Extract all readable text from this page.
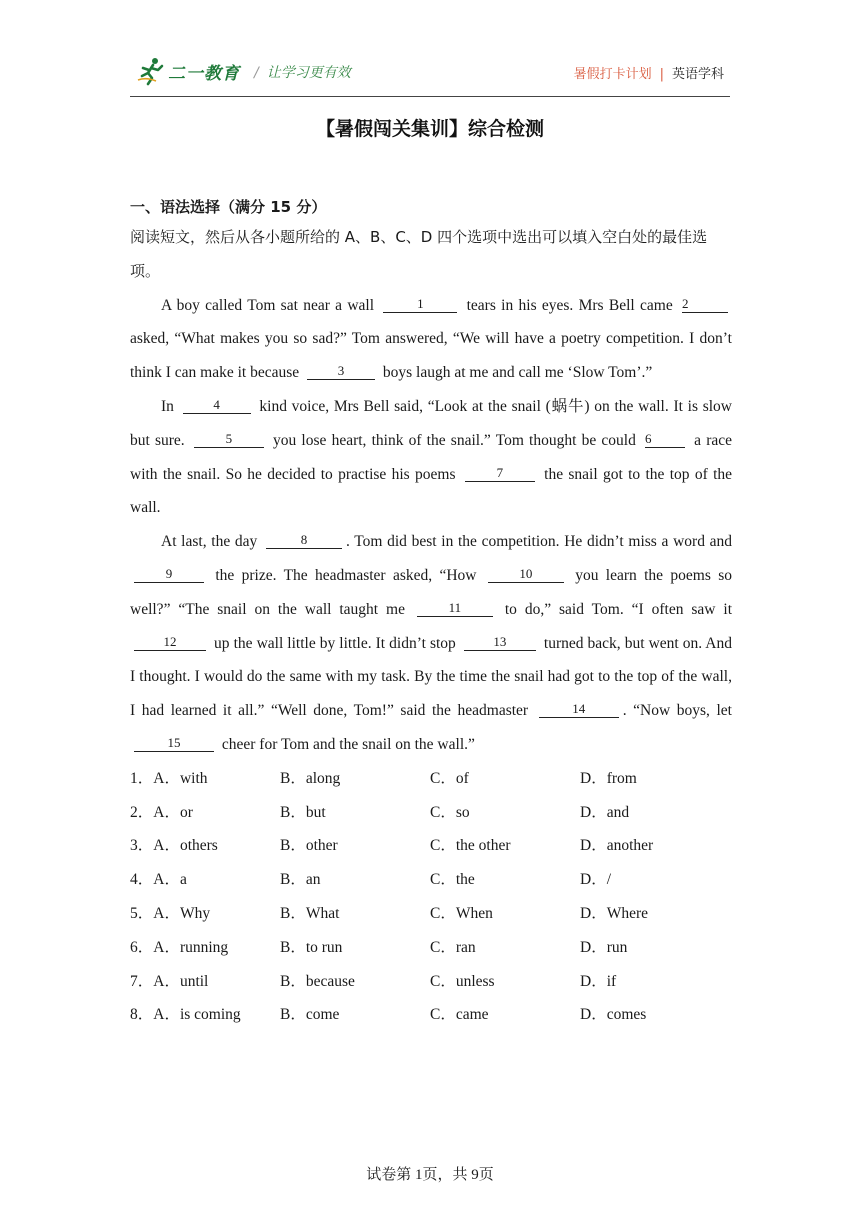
二一教育 / 让学习更有效	暑假打卡计划 | 英语学科
【暑假闯关集训】综合检测
一、语法选择（满分 15 分）
阅读短文，然后从各小题所给的 A、B、C、D 四个选项中选出可以填入空白处的最佳选项。

A boy called Tom sat near a wall	1	tears in his eyes. Mrs Bell came 2 asked, “What makes you so sad?” Tom answered, “We will have a poetry competition. I don’t think I can make it because	3 boys laugh at me and call me ‘Slow Tom’.”

In	4	kind voice, Mrs Bell said, “Look at the snail (蜗牛) on the wall. It is slow but sure.	5	you lose heart, think of the snail.” Tom thought be could 6	a race with the snail. So he decided to practise his poems	7	the snail got to the top of the wall.

At last, the day	8	. Tom did best in the competition. He didn’t miss a word and 9	the prize. The headmaster asked, “How	10	you learn the poems so well?” “The snail on the wall taught me	11	to do,” said Tom. “I often saw it 12 up the wall little by little. It didn’t stop	13 turned back, but went on. And I thought. I would do the same with my task. By the time the snail had got to the top of the wall, I had learned it all.” “Well done, Tom!” said the headmaster	14 . “Now boys, let 15	cheer for Tom and the snail on the wall.”

1．A．with	B．along	C．of	D．from
2．A．or	B．but	C．so	D．and
3．A．others	B．other	C．the other	D．another
4．A．a	B．an	C．the	D．/
5．A．Why	B．What	C．When	D．Where
6．A．running	B．to run	C．ran	D．run
7．A．until	B．because	C．unless	D．if
8．A．is coming	B．come	C．came	D．comes
试卷第 1页，共 9页
